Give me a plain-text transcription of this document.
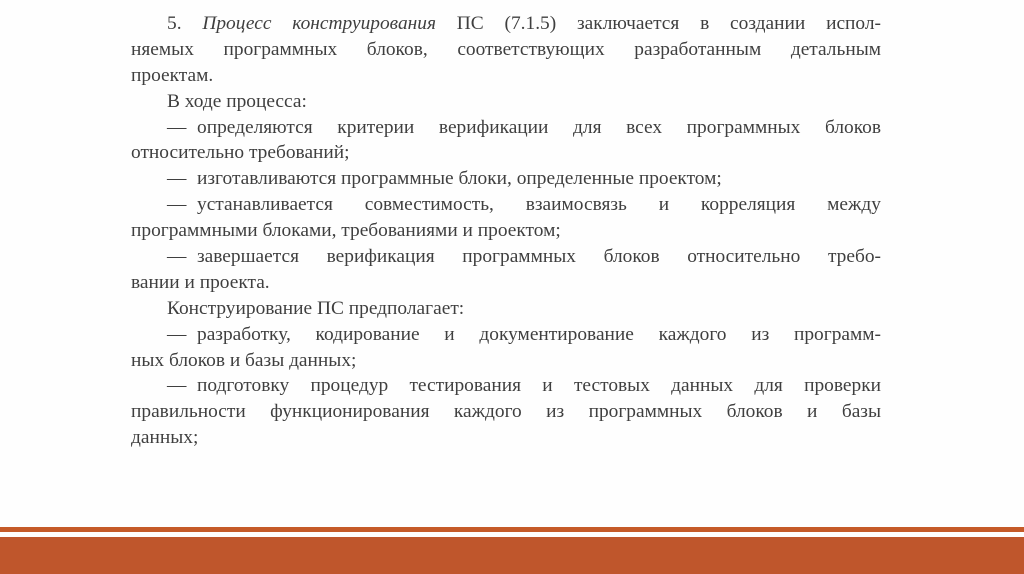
5. Процесс конструирования ПС (7.1.5) заключается в создании испол-
няемых программных блоков, соответствующих разработанным детальным
проектам.
В ходе процесса:
— определяются критерии верификации для всех программных блоков
относительно требований;
— изготавливаются программные блоки, определенные проектом;
— устанавливается совместимость, взаимосвязь и корреляция между
программными блоками, требованиями и проектом;
— завершается верификация программных блоков относительно требо-
вании и проекта.
Конструирование ПС предполагает:
— разработку, кодирование и документирование каждого из программ-
ных блоков и базы данных;
— подготовку процедур тестирования и тестовых данных для проверки
правильности функционирования каждого из программных блоков и базы
данных;
